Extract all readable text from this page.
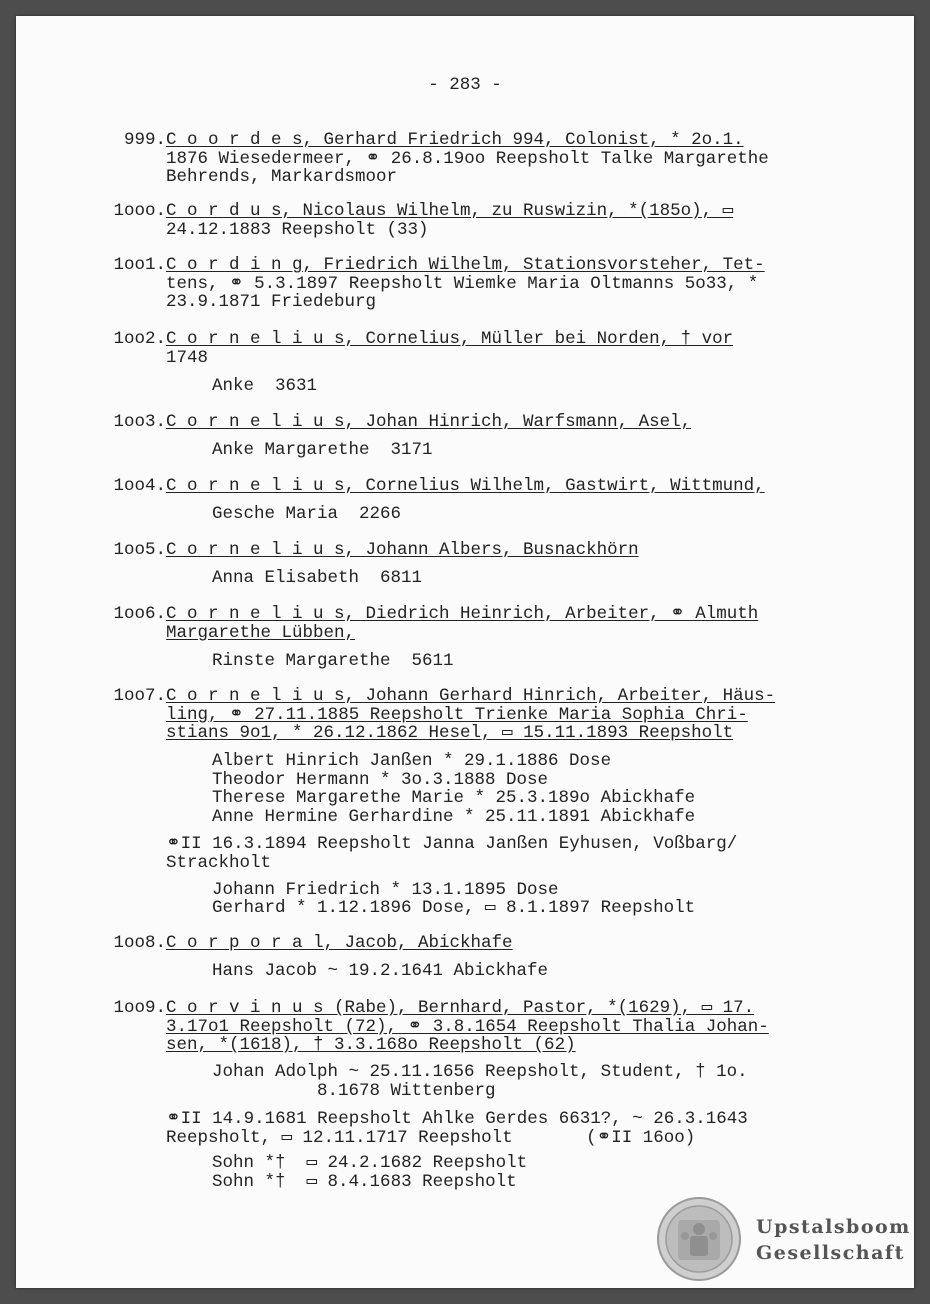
- 283 -
999. C o o r d e s, Gerhard Friedrich 994, Colonist, * 2o.1.
1876 Wiesedermeer, ⚭ 26.8.19oo Reepsholt Talke Margarethe
Behrends, Markardsmoor
1ooo. C o r d u s, Nicolaus Wilhelm, zu Ruswizin, *(185o), ▭
24.12.1883 Reepsholt (33)
1oo1. C o r d i n g, Friedrich Wilhelm, Stationsvorsteher, Tet-
tens, ⚭ 5.3.1897 Reepsholt Wiemke Maria Oltmanns 5o33, *
23.9.1871 Friedeburg
1oo2. C o r n e l i u s, Cornelius, Müller bei Norden, † vor
1748
Anke  3631
1oo3. C o r n e l i u s, Johan Hinrich, Warfsmann, Asel,
Anke Margarethe  3171
1oo4. C o r n e l i u s, Cornelius Wilhelm, Gastwirt, Wittmund,
Gesche Maria  2266
1oo5. C o r n e l i u s, Johann Albers, Busnackhörn
Anna Elisabeth  6811
1oo6. C o r n e l i u s, Diedrich Heinrich, Arbeiter, ⚭ Almuth
Margarethe Lübben,
Rinste Margarethe  5611
1oo7. C o r n e l i u s, Johann Gerhard Hinrich, Arbeiter, Häus-
ling, ⚭ 27.11.1885 Reepsholt Trienke Maria Sophia Chri-
stians 9o1, * 26.12.1862 Hesel, ▭ 15.11.1893 Reepsholt
Albert Hinrich Janßen * 29.1.1886 Dose
Theodor Hermann * 3o.3.1888 Dose
Therese Margarethe Marie * 25.3.189o Abickhafe
Anne Hermine Gerhardine * 25.11.1891 Abickhafe
⚭II 16.3.1894 Reepsholt Janna Janßen Eyhusen, Voßbarg/
Strackholt
Johann Friedrich * 13.1.1895 Dose
Gerhard * 1.12.1896 Dose, ▭ 8.1.1897 Reepsholt
1oo8. C o r p o r a l, Jacob, Abickhafe
Hans Jacob ~ 19.2.1641 Abickhafe
1oo9. C o r v i n u s (Rabe), Bernhard, Pastor, *(1629), ▭ 17.
3.17o1 Reepsholt (72), ⚭ 3.8.1654 Reepsholt Thalia Johan-
sen, *(1618), † 3.3.168o Reepsholt (62)
Johan Adolph ~ 25.11.1656 Reepsholt, Student, † 1o.
8.1678 Wittenberg
⚭II 14.9.1681 Reepsholt Ahlke Gerdes 6631?, ~ 26.3.1643
Reepsholt, ▭ 12.11.1717 Reepsholt       (⚭II 16oo)
Sohn *†  ▭ 24.2.1682 Reepsholt
Sohn *†  ▭ 8.4.1683 Reepsholt
Upstalsboom
Gesellschaft
